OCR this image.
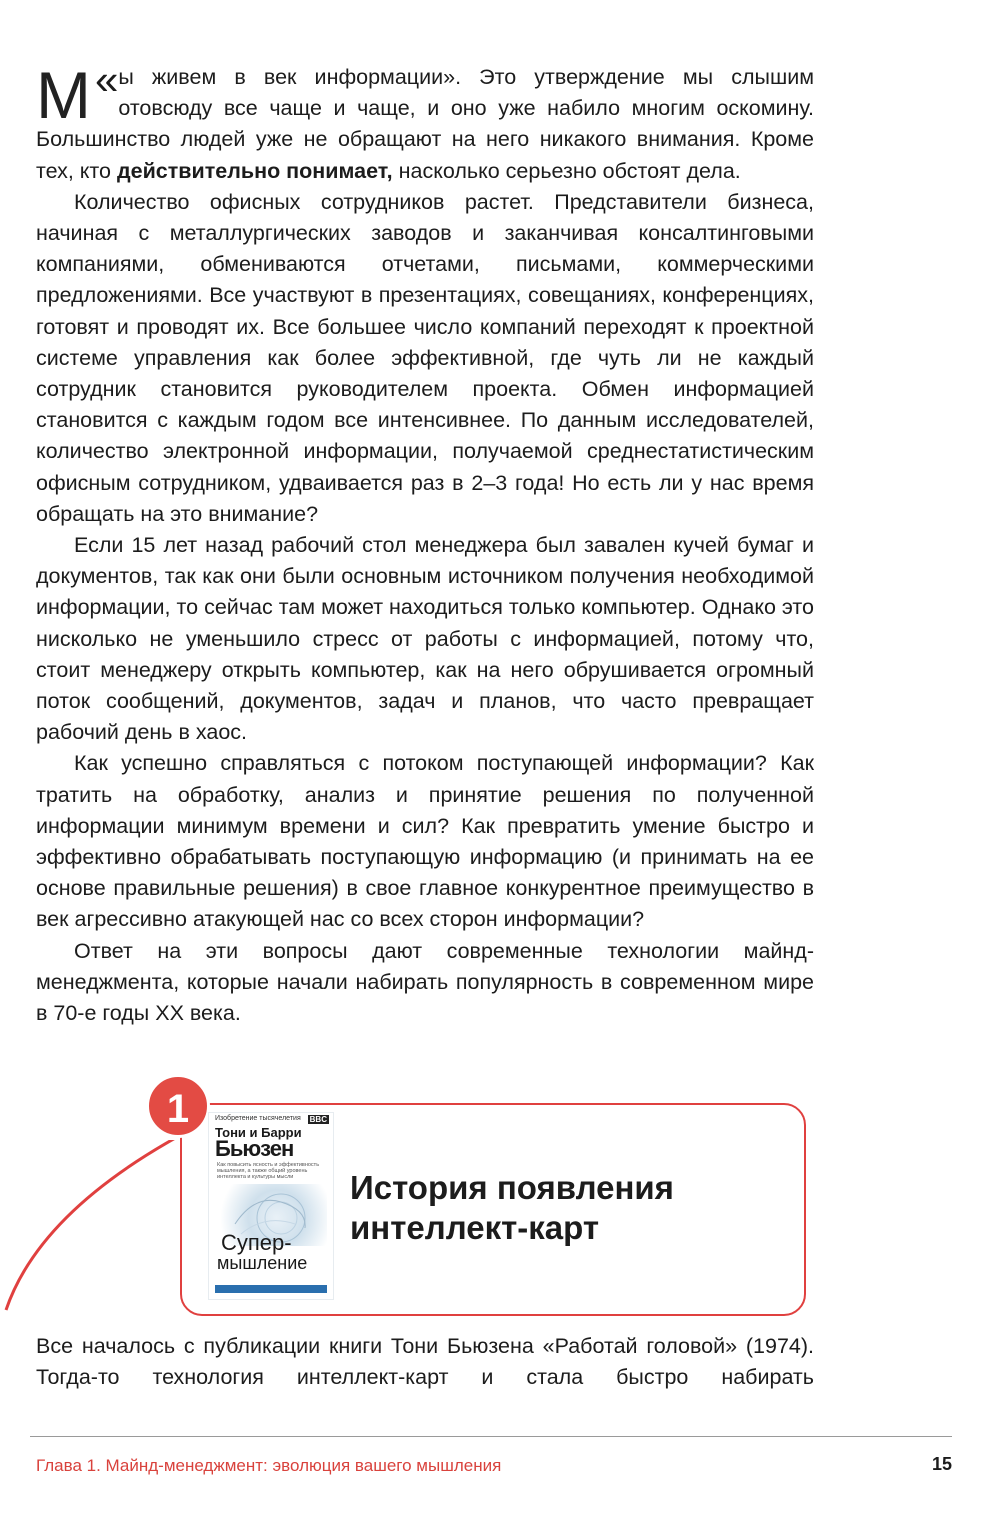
«
М ы живем в век информации». Это утверждение мы слышим отовсюду все чаще и чаще, и оно уже набило многим оскомину. Большинство людей уже не обращают на него никакого внимания. Кроме тех, кто действительно понимает, насколько серьезно обстоят дела.

Количество офисных сотрудников растет. Представители бизнеса, начиная с металлургических заводов и заканчивая консалтинговыми компаниями, обмениваются отчетами, письмами, коммерческими предложениями. Все участвуют в презентациях, совещаниях, конференциях, готовят и проводят их. Все большее число компаний переходят к проектной системе управления как более эффективной, где чуть ли не каждый сотрудник становится руководителем проекта. Обмен информацией становится с каждым годом все интенсивнее. По данным исследователей, количество электронной информации, получаемой среднестатистическим офисным сотрудником, удваивается раз в 2–3 года! Но есть ли у нас время обращать на это внимание?

Если 15 лет назад рабочий стол менеджера был завален кучей бумаг и документов, так как они были основным источником получения необходимой информации, то сейчас там может находиться только компьютер. Однако это нисколько не уменьшило стресс от работы с информацией, потому что, стоит менеджеру открыть компьютер, как на него обрушивается огромный поток сообщений, документов, задач и планов, что часто превращает рабочий день в хаос.

Как успешно справляться с потоком поступающей информации? Как тратить на обработку, анализ и принятие решения по полученной информации минимум времени и сил? Как превратить умение быстро и эффективно обрабатывать поступающую информацию (и принимать на ее основе правильные решения) в свое главное конкурентное преимущество в век агрессивно атакующей нас со всех сторон информации?

Ответ на эти вопросы дают современные технологии майнд-менеджмента, которые начали набирать популярность в современном мире в 70-е годы XX века.

1	Изобретение тысячелетия BBC
Тони и Барри
Бьюзен
Как повысить ясность и эффективность мышления, а также общий уровень интеллекта и культуры мысли
Супер-
мышление
История появления интеллект-карт

Все началось с публикации книги Тони Бьюзена «Работай головой» (1974). Тогда-то технология интеллект-карт и стала быстро набирать

Глава 1. Майнд-менеджмент: эволюция вашего мышления	15
